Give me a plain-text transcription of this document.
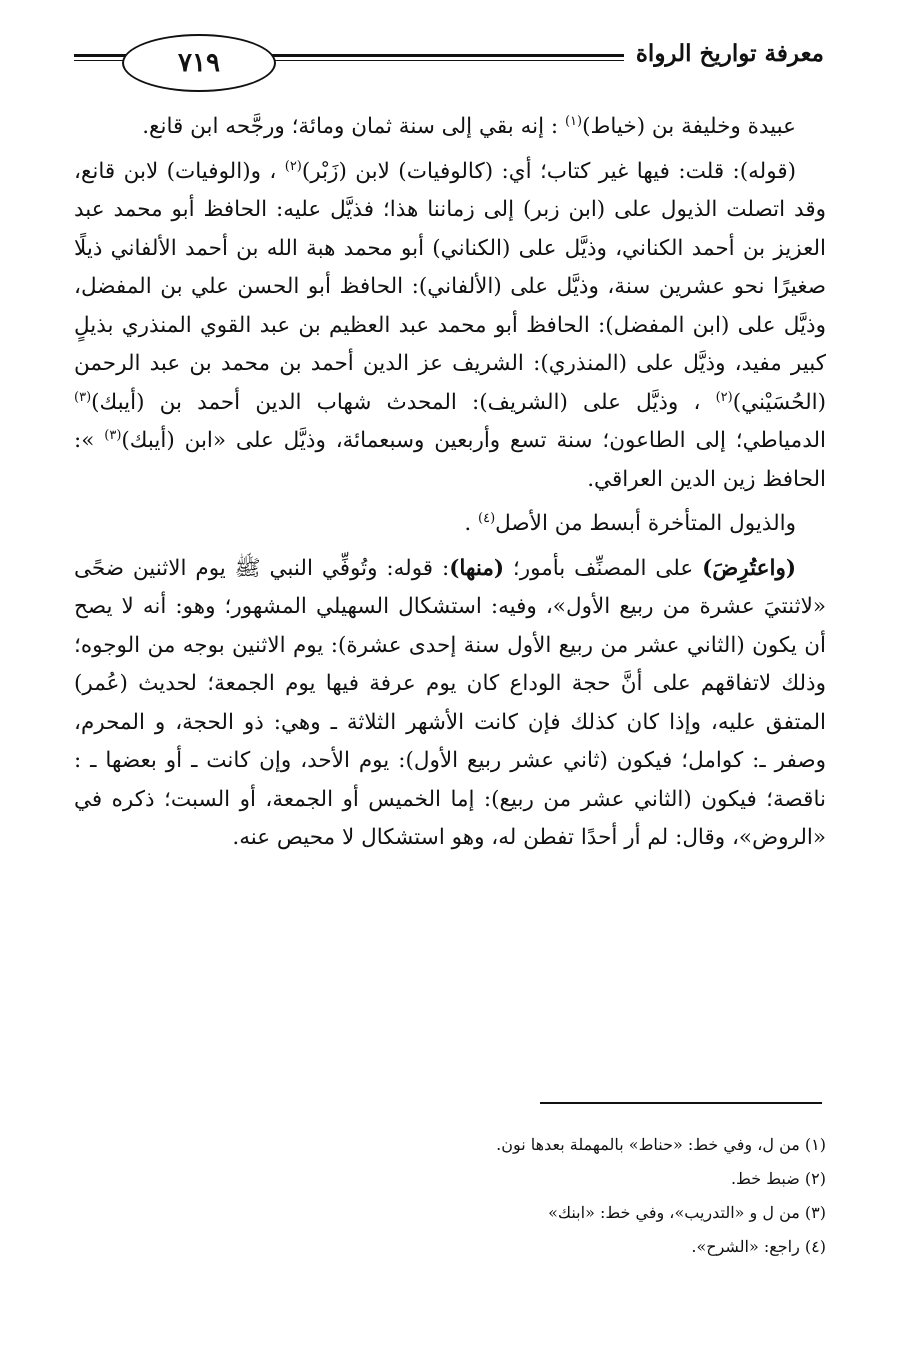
معرفة تواريخ الرواة
٧١٩

عبيدة وخليفة بن (خياط)$^{(١)}$ : إنه بقي إلى سنة ثمان ومائة؛ ورجَّحه ابن قانع.

(قوله): قلت: فيها غير كتاب؛ أي: (كالوفيات) لابن (زَبْر)$^{(٢)}$ ، و(الوفيات) لابن قانع، وقد اتصلت الذيول على (ابن زبر) إلى زماننا هذا؛ فذيَّل عليه: الحافظ أبو محمد عبد العزيز بن أحمد الكناني، وذيَّل على (الكناني) أبو محمد هبة الله بن أحمد الألفاني ذيلًا صغيرًا نحو عشرين سنة، وذيَّل على (الألفاني): الحافظ أبو الحسن علي بن المفضل، وذيَّل على (ابن المفضل): الحافظ أبو محمد عبد العظيم بن عبد القوي المنذري بذيلٍ كبير مفيد، وذيَّل على (المنذري): الشريف عز الدين أحمد بن محمد بن عبد الرحمن (الحُسَيْني)$^{(٢)}$ ، وذيَّل على (الشريف): المحدث شهاب الدين أحمد بن (أيبك)$^{(٣)}$ الدمياطي؛ إلى الطاعون؛ سنة تسع وأربعين وسبعمائة، وذيَّل على «ابن (أيبك)$^{(٣)}$ »: الحافظ زين الدين العراقي.

والذيول المتأخرة أبسط من الأصل$^{(٤)}$ .

(واعتُرِضَ) على المصنِّف بأمور؛ (منها): قوله: وتُوفِّي النبي ﷺ يوم الاثنين ضحًى «لاثنتيَ عشرة من ربيع الأول»، وفيه: استشكال السهيلي المشهور؛ وهو: أنه لا يصح أن يكون (الثاني عشر من ربيع الأول سنة إحدى عشرة): يوم الاثنين بوجه من الوجوه؛ وذلك لاتفاقهم على أنَّ حجة الوداع كان يوم عرفة فيها يوم الجمعة؛ لحديث (عُمر) المتفق عليه، وإذا كان كذلك فإن كانت الأشهر الثلاثة ـ وهي: ذو الحجة، و المحرم، وصفر ـ: كوامل؛ فيكون (ثاني عشر ربيع الأول): يوم الأحد، وإن كانت ـ أو بعضها ـ : ناقصة؛ فيكون (الثاني عشر من ربيع): إما الخميس أو الجمعة، أو السبت؛ ذكره في «الروض»، وقال: لم أر أحدًا تفطن له، وهو استشكال لا محيص عنه.

(١) من ل، وفي خط: «حناط» بالمهملة بعدها نون.

(٢) ضبط خط.

(٣) من ل و «التدريب»، وفي خط: «ابنك»

(٤) راجع: «الشرح».
